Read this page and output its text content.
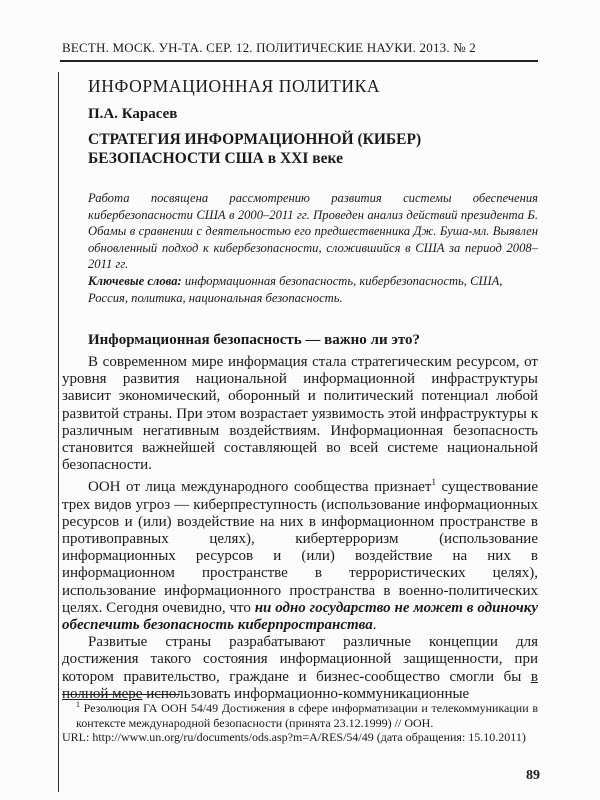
ВЕСТН. МОСК. УН-ТА. СЕР. 12. ПОЛИТИЧЕСКИЕ НАУКИ. 2013. № 2
ИНФОРМАЦИОННАЯ ПОЛИТИКА
П.А. Карасев
СТРАТЕГИЯ ИНФОРМАЦИОННОЙ (КИБЕР)
БЕЗОПАСНОСТИ США в XXI веке
Работа посвящена рассмотрению развития системы обеспечения кибербезопасности США в 2000–2011 гг. Проведен анализ действий президента Б. Обамы в сравнении с деятельностью его предшественника Дж. Буша-мл. Выявлен обновленный подход к кибербезопасности, сложившийся в США за период 2008–2011 гг.
Ключевые слова: информационная безопасность, кибербезопасность, США, Россия, политика, национальная безопасность.
Информационная безопасность — важно ли это?

В современном мире информация стала стратегическим ресурсом, от уровня развития национальной информационной инфраструктуры зависит экономический, оборонный и политический потенциал любой развитой страны. При этом возрастает уязвимость этой инфраструктуры к различным негативным воздействиям. Информационная безопасность становится важнейшей составляющей во всей системе национальной безопасности.

ООН от лица международного сообщества признает$^1$ существование трех видов угроз — киберпреступность (использование информационных ресурсов и (или) воздействие на них в информационном пространстве в противоправных целях), кибертерроризм (использование информационных ресурсов и (или) воздействие на них в информационном пространстве в террористических целях), использование информационного пространства в военно-политических целях. Сегодня очевидно, что ни одно государство не может в одиночку обеспечить безопасность киберпространства.

Развитые страны разрабатывают различные концепции для достижения такого состояния информационной защищенности, при котором правительство, граждане и бизнес-сообщество смогли бы в полной мере использовать информационно-коммуникационные

$^1$ Резолюция ГА ООН 54/49 Достижения в сфере информатизации и телекоммуникации в контексте международной безопасности (принята 23.12.1999) // ООН.
URL: http://www.un.org/ru/documents/ods.asp?m=A/RES/54/49 (дата обращения: 15.10.2011)
89
